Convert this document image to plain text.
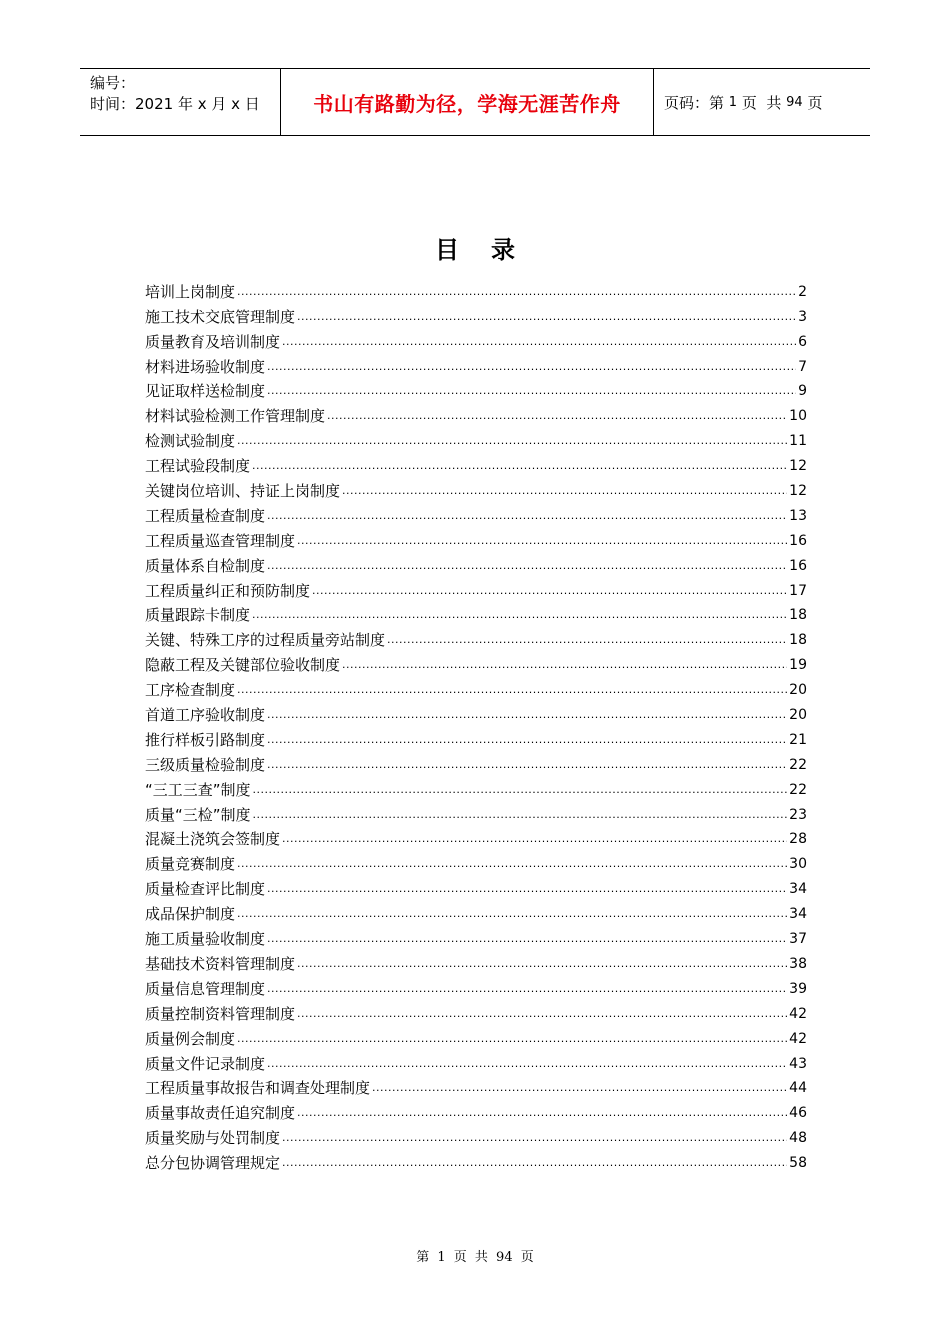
编号：
时间：2021 年 x 月 x 日	书山有路勤为径，学海无涯苦作舟	页码：第 1 页  共 94 页
目录
培训上岗制度 .....	2
施工技术交底管理制度 .....	3
质量教育及培训制度 .....	6
材料进场验收制度 .....	7
见证取样送检制度 .....	9
材料试验检测工作管理制度 .....	10
检测试验制度 .....	11
工程试验段制度 .....	12
关键岗位培训、持证上岗制度 .....	12
工程质量检查制度 .....	13
工程质量巡查管理制度 .....	16
质量体系自检制度 .....	16
工程质量纠正和预防制度 .....	17
质量跟踪卡制度 .....	18
关键、特殊工序的过程质量旁站制度 .....	18
隐蔽工程及关键部位验收制度 .....	19
工序检查制度 .....	20
首道工序验收制度 .....	20
推行样板引路制度 .....	21
三级质量检验制度 .....	22
“三工三查”制度 .....	22
质量“三检”制度 .....	23
混凝土浇筑会签制度 .....	28
质量竞赛制度 .....	30
质量检查评比制度 .....	34
成品保护制度 .....	34
施工质量验收制度 .....	37
基础技术资料管理制度 .....	38
质量信息管理制度 .....	39
质量控制资料管理制度 .....	42
质量例会制度 .....	42
质量文件记录制度 .....	43
工程质量事故报告和调查处理制度 .....	44
质量事故责任追究制度 .....	46
质量奖励与处罚制度 .....	48
总分包协调管理规定 .....	58
第 1 页 共 94 页
